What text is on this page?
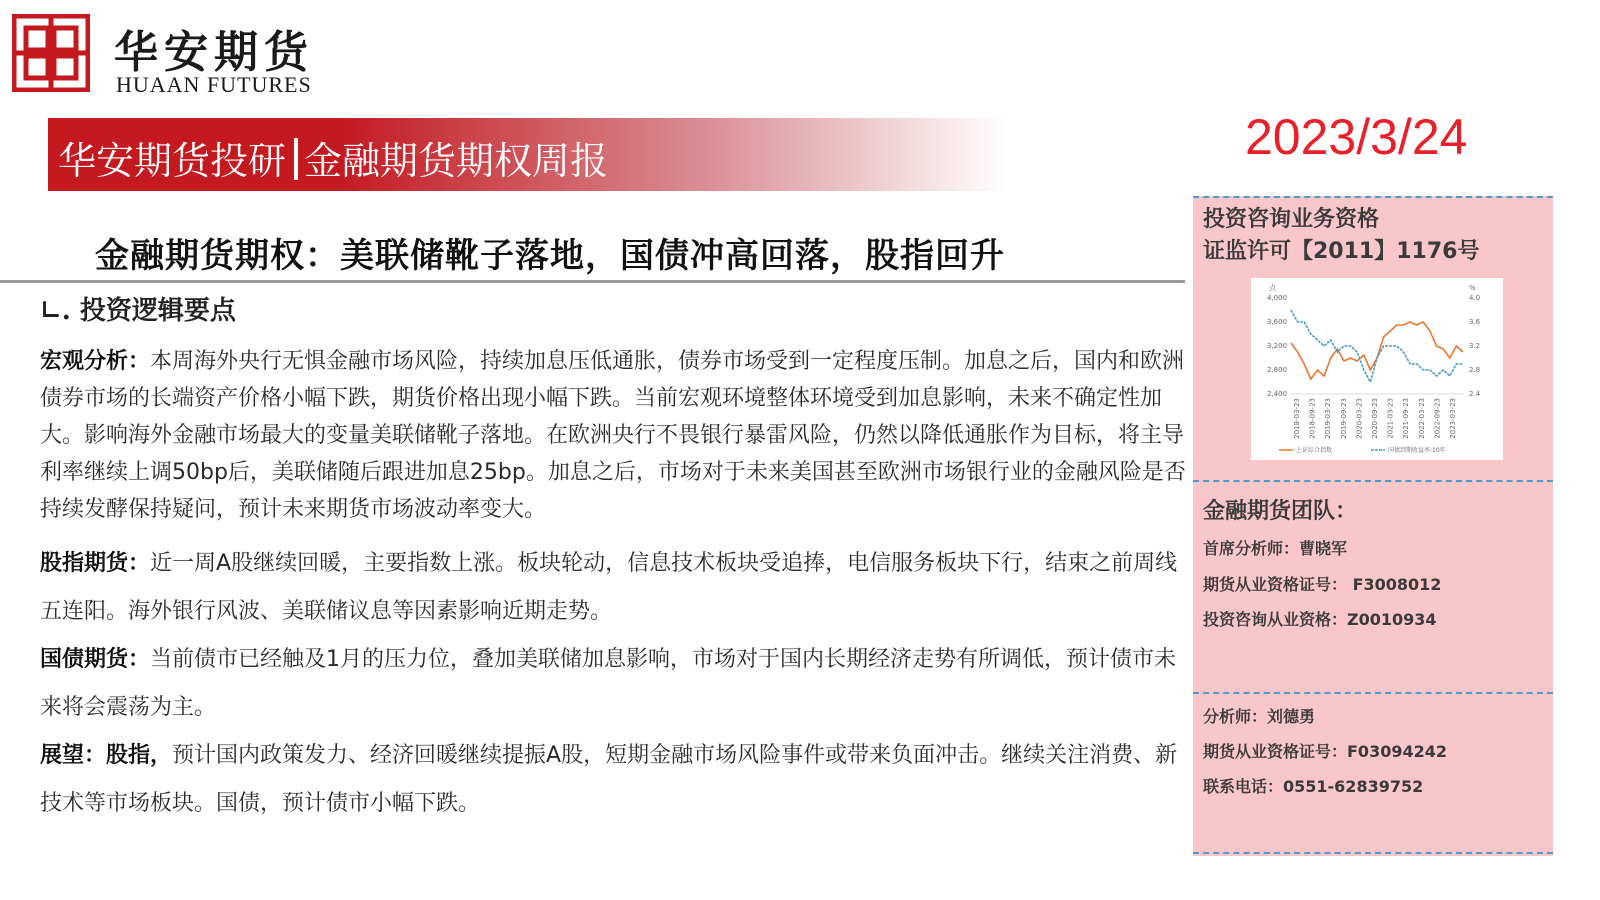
华安期货
HUAAN FUTURES
华安期货投研 金融期货期权周报	2023/3/24
金融期货期权：美联储靴子落地，国债冲高回落，股指回升
∟. 投资逻辑要点

宏观分析：本周海外央行无惧金融市场风险，持续加息压低通胀，债券市场受到一定程度压制。加息之后，国内和欧洲债券市场的长端资产价格小幅下跌，期货价格出现小幅下跌。当前宏观环境整体环境受到加息影响，未来不确定性加大。影响海外金融市场最大的变量美联储靴子落地。在欧洲央行不畏银行暴雷风险，仍然以降低通胀作为目标，将主导利率继续上调50bp后，美联储随后跟进加息25bp。加息之后，市场对于未来美国甚至欧洲市场银行业的金融风险是否持续发酵保持疑问，预计未来期货市场波动率变大。

股指期货：近一周A股继续回暖，主要指数上涨。板块轮动，信息技术板块受追捧，电信服务板块下行，结束之前周线五连阳。海外银行风波、美联储议息等因素影响近期走势。

国债期货：当前债市已经触及1月的压力位，叠加美联储加息影响，市场对于国内长期经济走势有所调低，预计债市未来将会震荡为主。

展望：股指，预计国内政策发力、经济回暖继续提振A股，短期金融市场风险事件或带来负面冲击。继续关注消费、新技术等市场板块。国债，预计债市小幅下跌。

投资咨询业务资格
证监许可【2011】1176号
点	%
4,000
3,600
3,200
2,800
2,400
4.0
3.6
3.2
2.8
2.4
2018-03-23 2018-09-23 2019-03-23 2019-09-23 2020-03-23 2020-09-23 2021-03-23 2021-09-23 2022-03-23 2022-09-23 2023-03-23
上证综合指数	国债到期收益率:10年
金融期货团队：
首席分析师：曹晓军
期货从业资格证号： F3008012
投资咨询从业资格：Z0010934
分析师：刘德勇
期货从业资格证号：F03094242
联系电话：0551-62839752
